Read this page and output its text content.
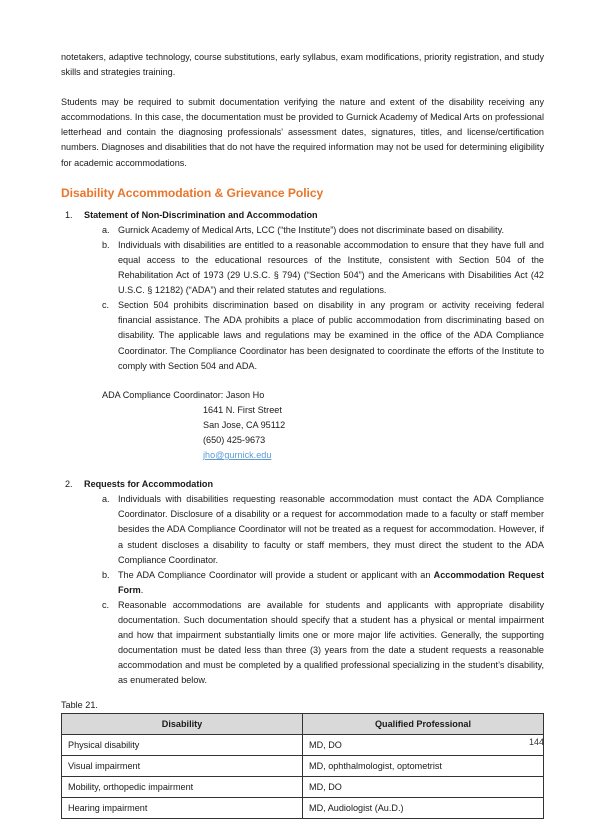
notetakers, adaptive technology, course substitutions, early syllabus, exam modifications, priority registration, and study skills and strategies training.

Students may be required to submit documentation verifying the nature and extent of the disability receiving any accommodations. In this case, the documentation must be provided to Gurnick Academy of Medical Arts on professional letterhead and contain the diagnosing professionals' assessment dates, signatures, titles, and license/certification numbers. Diagnoses and disabilities that do not have the required information may not be used for determining eligibility for academic accommodations.

Disability Accommodation & Grievance Policy
1. Statement of Non-Discrimination and Accommodation
a. Gurnick Academy of Medical Arts, LCC (“the Institute”) does not discriminate based on disability.
b. Individuals with disabilities are entitled to a reasonable accommodation to ensure that they have full and equal access to the educational resources of the Institute, consistent with Section 504 of the Rehabilitation Act of 1973 (29 U.S.C. § 794) (“Section 504”) and the Americans with Disabilities Act (42 U.S.C. § 12182) (“ADA”) and their related statutes and regulations.
c. Section 504 prohibits discrimination based on disability in any program or activity receiving federal financial assistance. The ADA prohibits a place of public accommodation from discriminating based on disability. The applicable laws and regulations may be examined in the office of the ADA Compliance Coordinator. The Compliance Coordinator has been designated to coordinate the efforts of the Institute to comply with Section 504 and ADA.
ADA Compliance Coordinator: Jason Ho
1641 N. First Street
San Jose, CA 95112
(650) 425-9673
jho@gurnick.edu
2. Requests for Accommodation
a. Individuals with disabilities requesting reasonable accommodation must contact the ADA Compliance Coordinator. Disclosure of a disability or a request for accommodation made to a faculty or staff member besides the ADA Compliance Coordinator will not be treated as a request for accommodation. However, if a student discloses a disability to faculty or staff members, they must direct the student to the ADA Compliance Coordinator.
b. The ADA Compliance Coordinator will provide a student or applicant with an Accommodation Request Form.
c. Reasonable accommodations are available for students and applicants with appropriate disability documentation. Such documentation should specify that a student has a physical or mental impairment and how that impairment substantially limits one or more major life activities. Generally, the supporting documentation must be dated less than three (3) years from the date a student requests a reasonable accommodation and must be completed by a qualified professional specializing in the student’s disability, as enumerated below.

Table 21.

Disability	Qualified Professional
Physical disability	MD, DO
Visual impairment	MD, ophthalmologist, optometrist
Mobility, orthopedic impairment	MD, DO
Hearing impairment	MD, Audiologist (Au.D.)
144
